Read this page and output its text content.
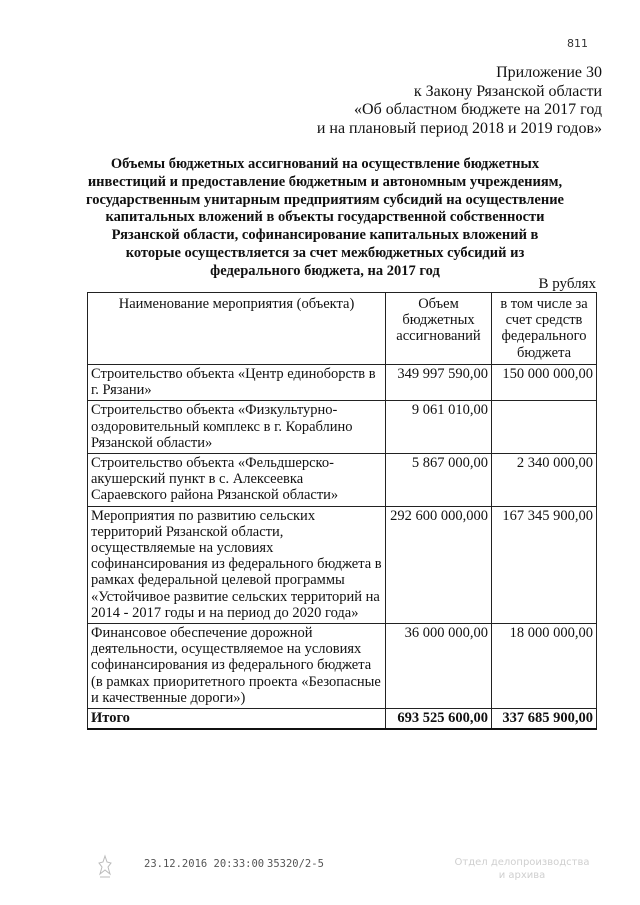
811
Приложение 30
к Закону Рязанской области
«Об областном бюджете на 2017 год
и на плановый период 2018 и 2019 годов»
Объемы бюджетных ассигнований на осуществление бюджетных
инвестиций и предоставление бюджетным и автономным учреждениям,
государственным унитарным предприятиям субсидий на осуществление
капитальных вложений в объекты государственной собственности
Рязанской области, софинансирование капитальных вложений в
которые осуществляется за счет межбюджетных субсидий из
федерального бюджета, на 2017 год
В рублях
Наименование мероприятия (объекта)	Объем бюджетных ассигнований	в том числе за счет средств федерального бюджета
Строительство объекта «Центр единоборств в г. Рязани»	349 997 590,00	150 000 000,00
Строительство объекта «Физкультурно-оздоровительный комплекс в г. Кораблино Рязанской области»	9 061 010,00	
Строительство объекта «Фельдшерско-акушерский пункт в с. Алексеевка Сараевского района Рязанской области»	5 867 000,00	2 340 000,00
Мероприятия по развитию сельских территорий Рязанской области, осуществляемые на условиях софинансирования из федерального бюджета в рамках федеральной целевой программы «Устойчивое развитие сельских территорий на 2014 - 2017 годы и на период до 2020 года»	292 600 000,000	167 345 900,00
Финансовое обеспечение дорожной деятельности, осуществляемое на условиях софинансирования из федерального бюджета (в рамках приоритетного проекта «Безопасные и качественные дороги»)	36 000 000,00	18 000 000,00
Итого	693 525 600,00	337 685 900,00
23.12.2016 20:33:00 35320/2-5	Отдел делопроизводства
и архива
